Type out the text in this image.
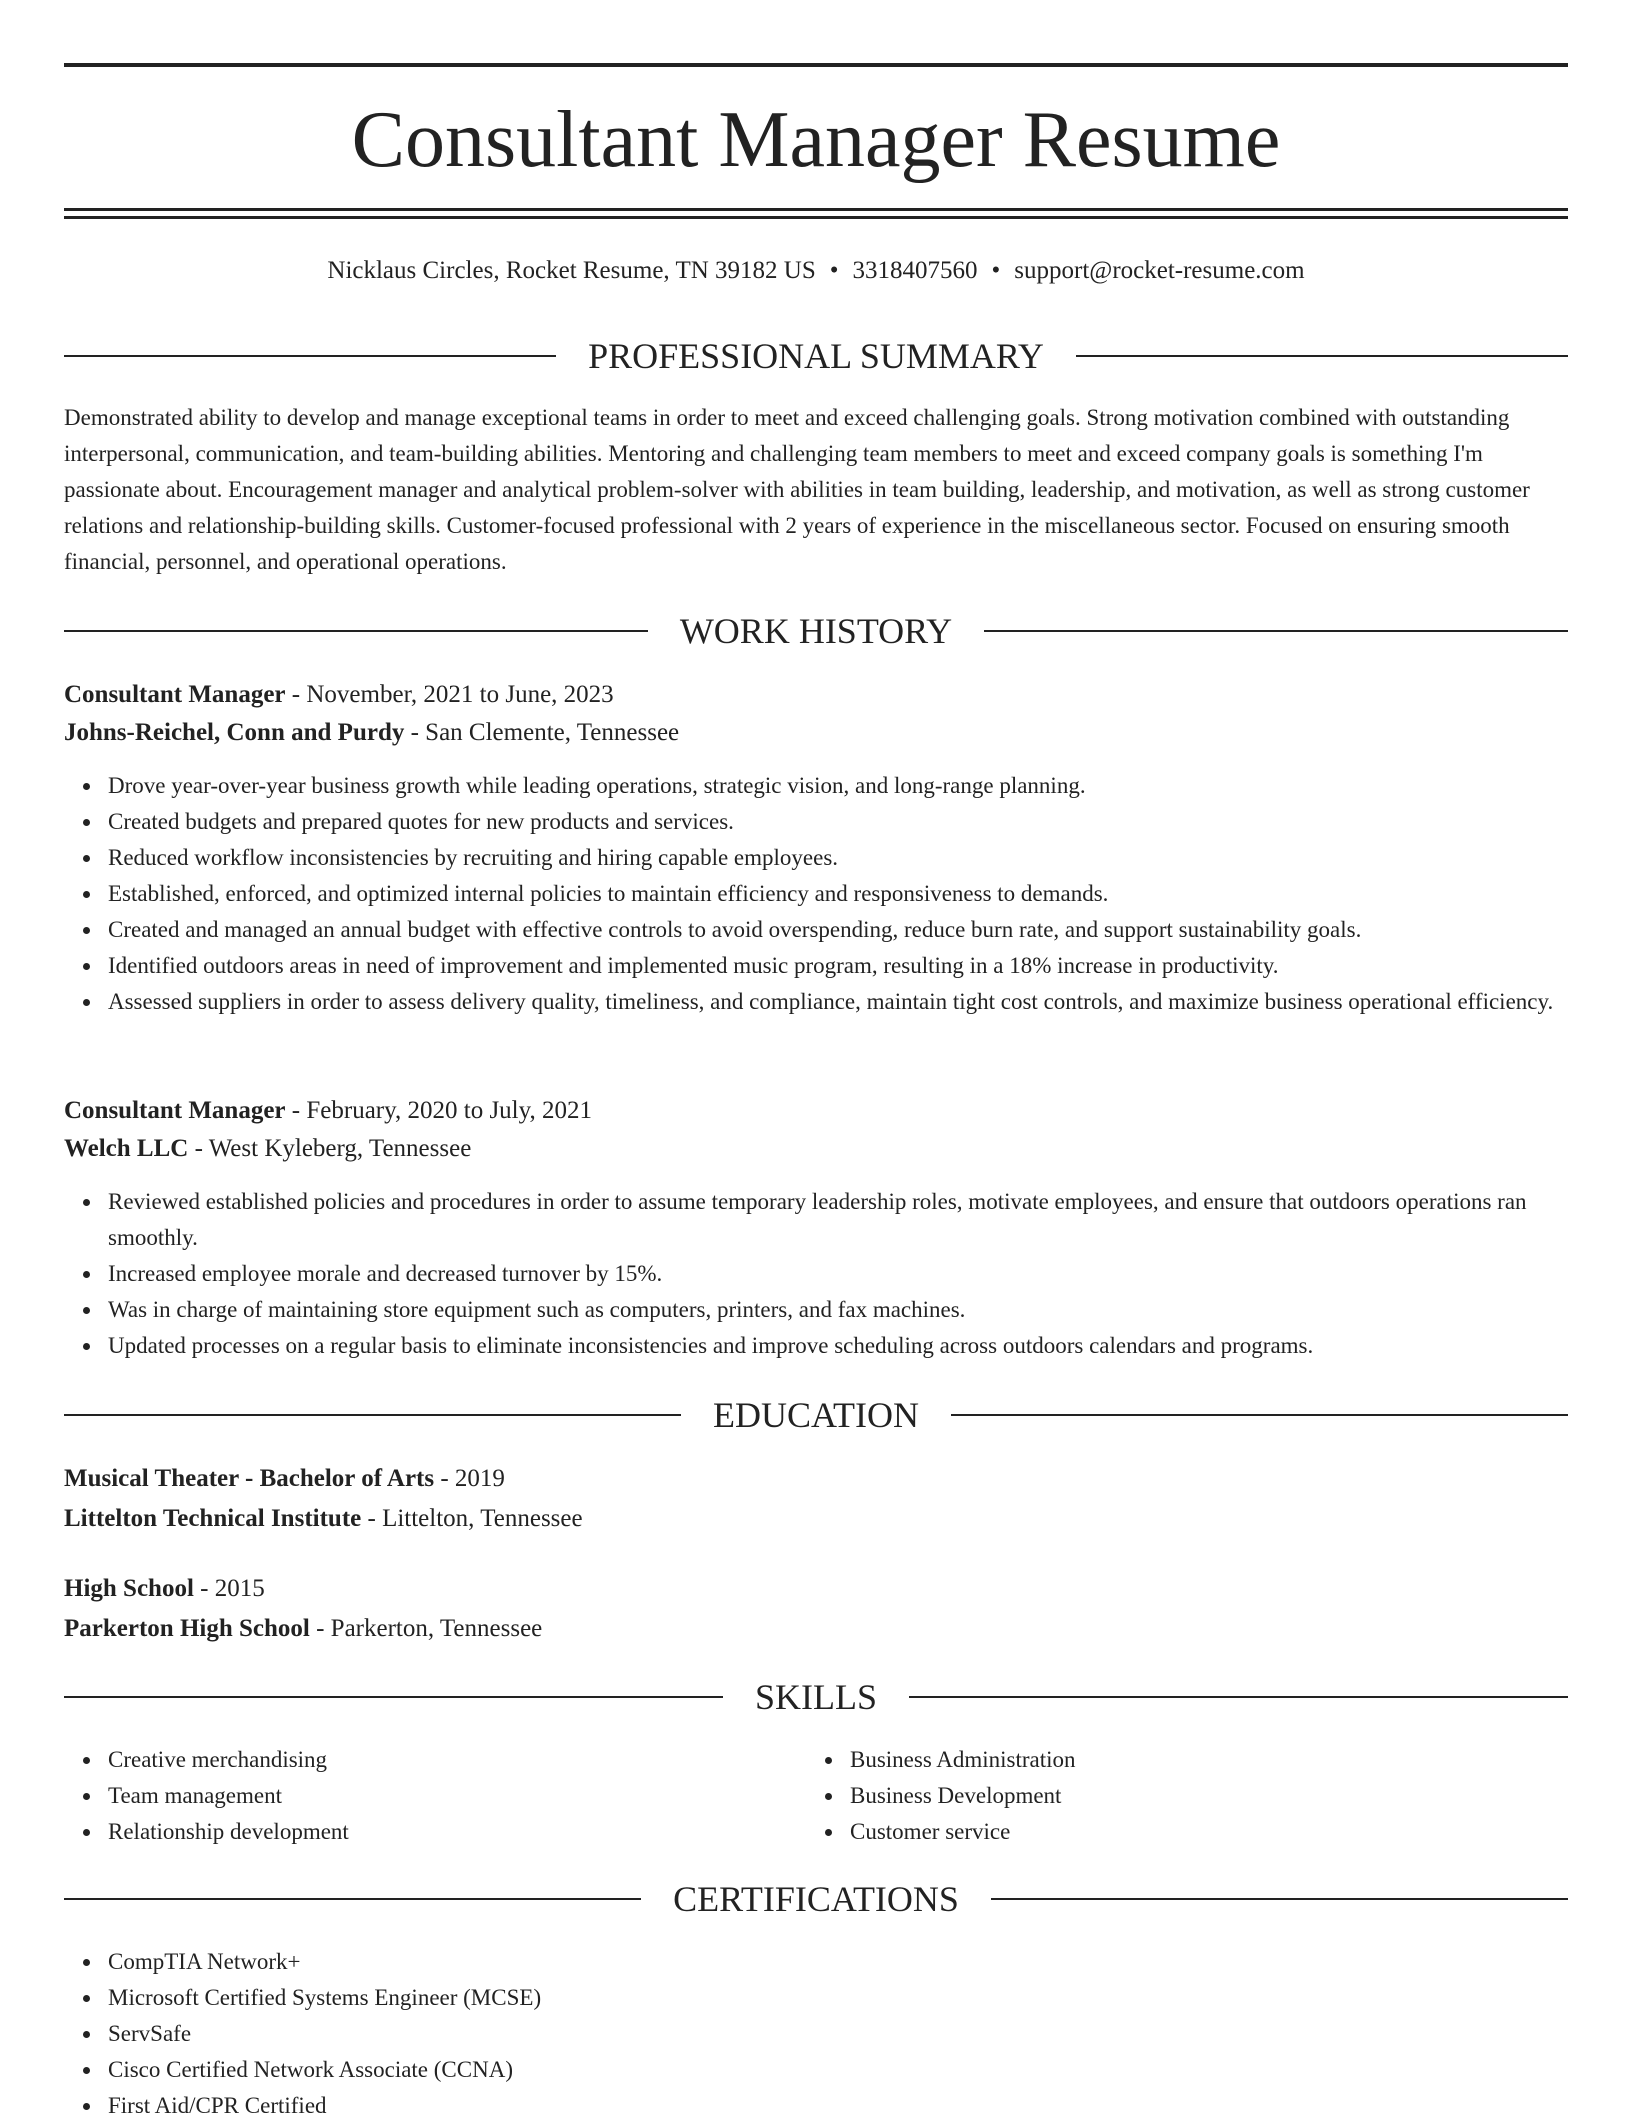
Consultant Manager Resume
Nicklaus Circles, Rocket Resume, TN 39182 US • 3318407560 • support@rocket-resume.com
PROFESSIONAL SUMMARY
Demonstrated ability to develop and manage exceptional teams in order to meet and exceed challenging goals. Strong motivation combined with outstanding interpersonal, communication, and team-building abilities. Mentoring and challenging team members to meet and exceed company goals is something I'm passionate about. Encouragement manager and analytical problem-solver with abilities in team building, leadership, and motivation, as well as strong customer relations and relationship-building skills. Customer-focused professional with 2 years of experience in the miscellaneous sector. Focused on ensuring smooth financial, personnel, and operational operations.
WORK HISTORY
Consultant Manager - November, 2021 to June, 2023
Johns-Reichel, Conn and Purdy - San Clemente, Tennessee
Drove year-over-year business growth while leading operations, strategic vision, and long-range planning.
Created budgets and prepared quotes for new products and services.
Reduced workflow inconsistencies by recruiting and hiring capable employees.
Established, enforced, and optimized internal policies to maintain efficiency and responsiveness to demands.
Created and managed an annual budget with effective controls to avoid overspending, reduce burn rate, and support sustainability goals.
Identified outdoors areas in need of improvement and implemented music program, resulting in a 18% increase in productivity.
Assessed suppliers in order to assess delivery quality, timeliness, and compliance, maintain tight cost controls, and maximize business operational efficiency.
Consultant Manager - February, 2020 to July, 2021
Welch LLC - West Kyleberg, Tennessee
Reviewed established policies and procedures in order to assume temporary leadership roles, motivate employees, and ensure that outdoors operations ran smoothly.
Increased employee morale and decreased turnover by 15%.
Was in charge of maintaining store equipment such as computers, printers, and fax machines.
Updated processes on a regular basis to eliminate inconsistencies and improve scheduling across outdoors calendars and programs.
EDUCATION
Musical Theater - Bachelor of Arts - 2019
Littelton Technical Institute - Littelton, Tennessee
High School - 2015
Parkerton High School - Parkerton, Tennessee
SKILLS
Creative merchandising
Team management
Relationship development
Business Administration
Business Development
Customer service
CERTIFICATIONS
CompTIA Network+
Microsoft Certified Systems Engineer (MCSE)
ServSafe
Cisco Certified Network Associate (CCNA)
First Aid/CPR Certified
